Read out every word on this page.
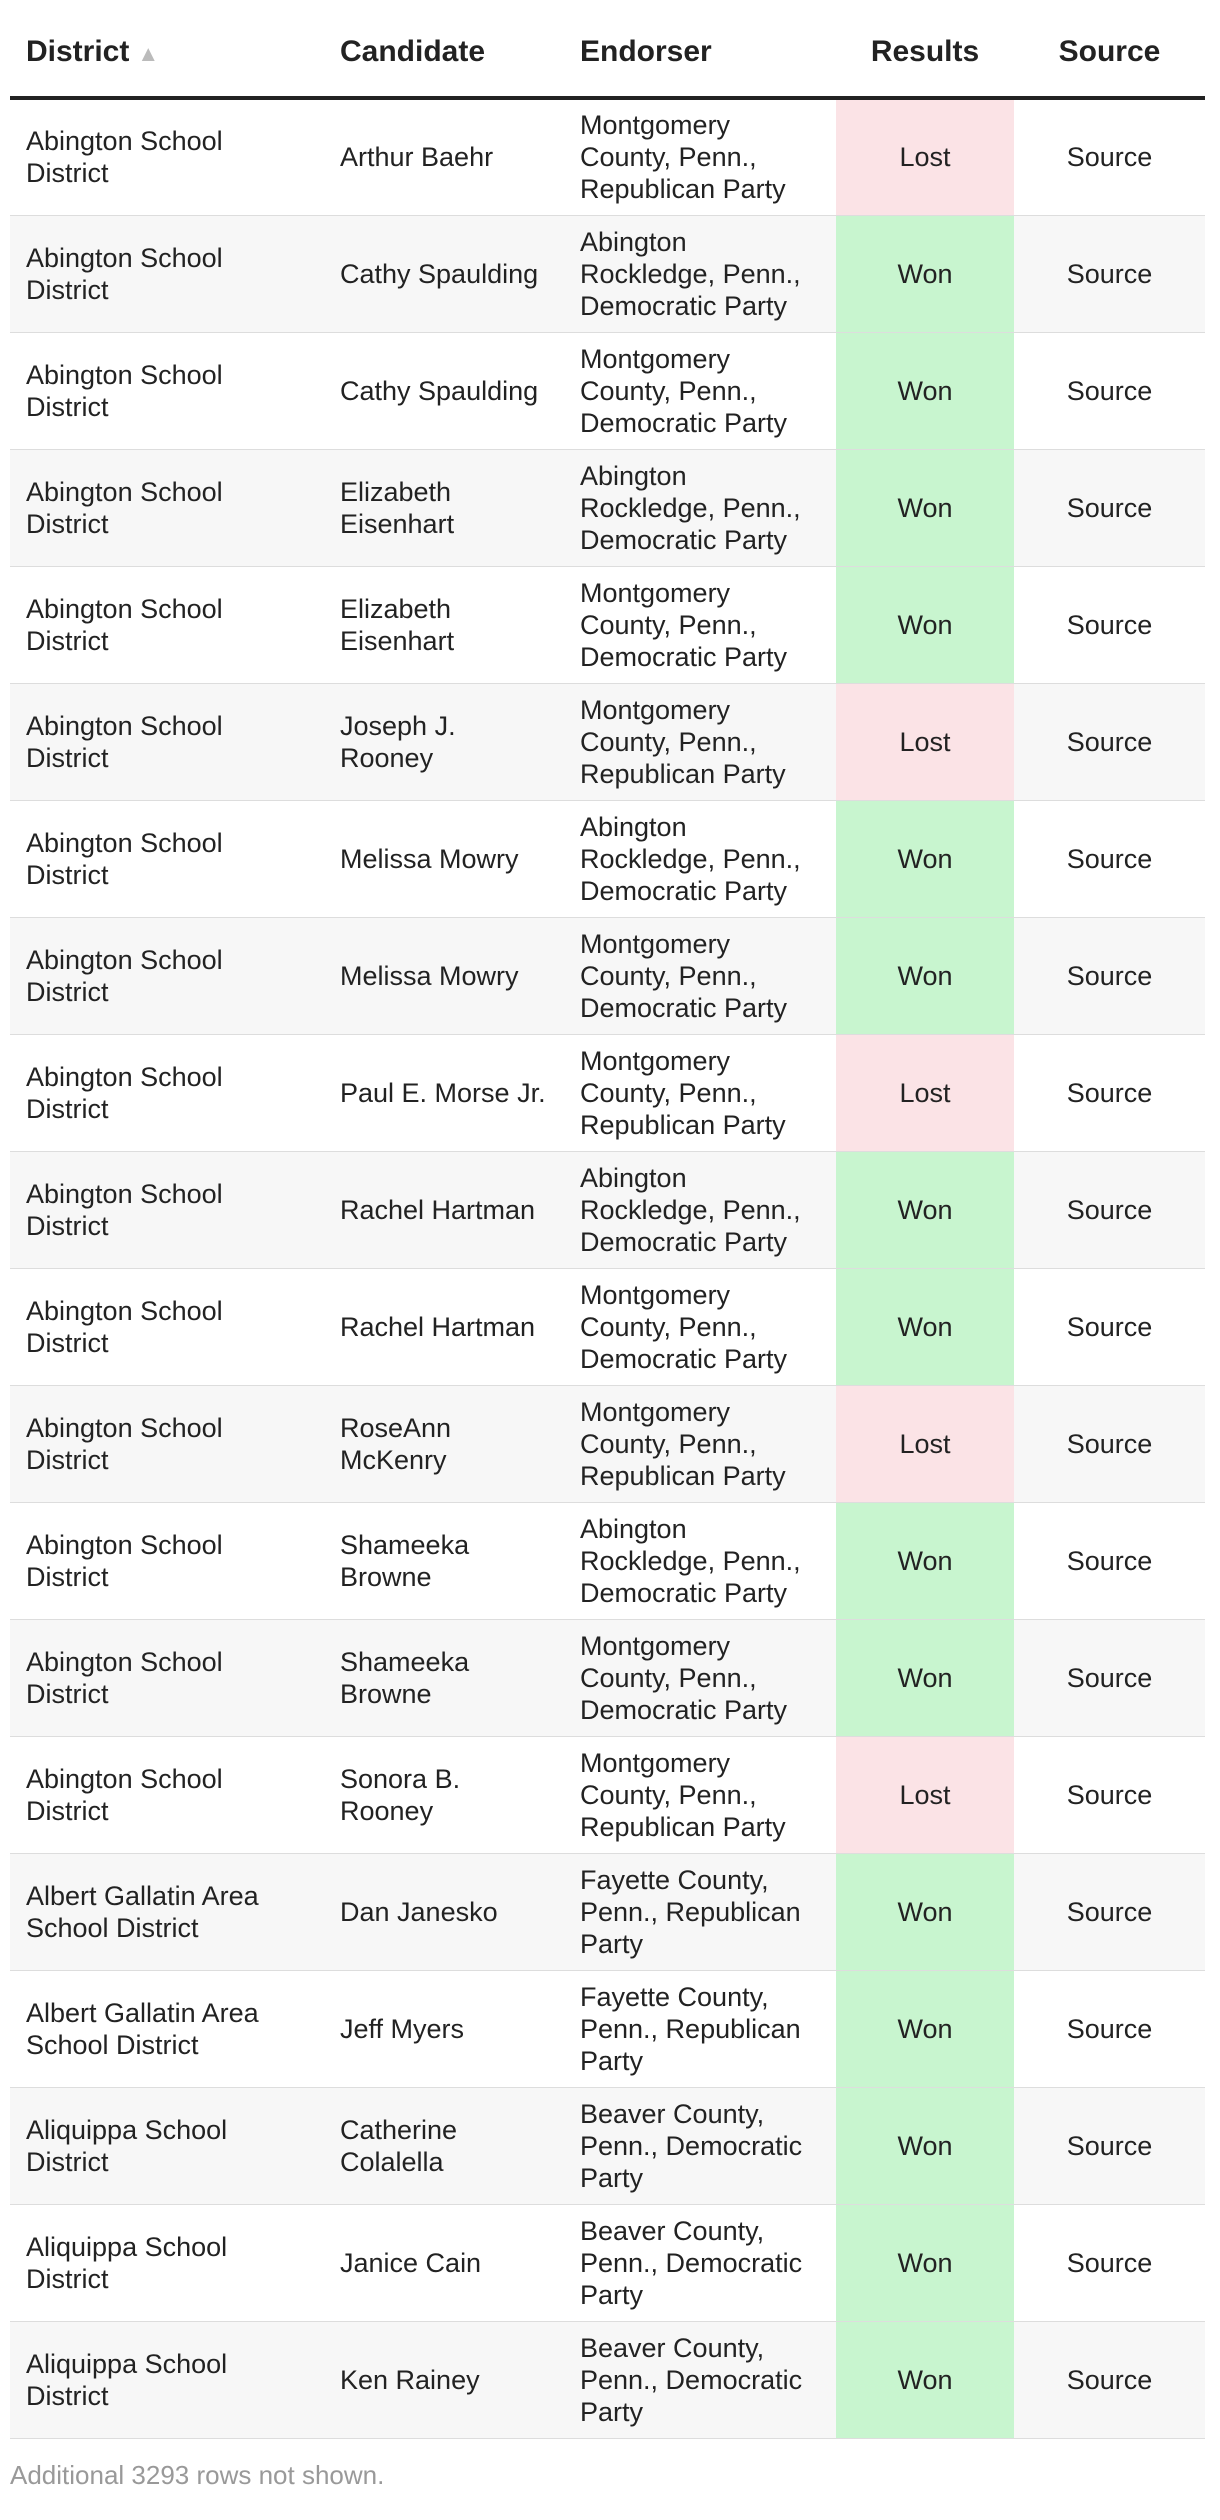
District ▲	Candidate	Endorser	Results	Source
Abington School District	Arthur Baehr	Montgomery County, Penn., Republican Party	Lost	Source
Abington School District	Cathy Spaulding	Abington Rockledge, Penn., Democratic Party	Won	Source
Abington School District	Cathy Spaulding	Montgomery County, Penn., Democratic Party	Won	Source
Abington School District	Elizabeth Eisenhart	Abington Rockledge, Penn., Democratic Party	Won	Source
Abington School District	Elizabeth Eisenhart	Montgomery County, Penn., Democratic Party	Won	Source
Abington School District	Joseph J. Rooney	Montgomery County, Penn., Republican Party	Lost	Source
Abington School District	Melissa Mowry	Abington Rockledge, Penn., Democratic Party	Won	Source
Abington School District	Melissa Mowry	Montgomery County, Penn., Democratic Party	Won	Source
Abington School District	Paul E. Morse Jr.	Montgomery County, Penn., Republican Party	Lost	Source
Abington School District	Rachel Hartman	Abington Rockledge, Penn., Democratic Party	Won	Source
Abington School District	Rachel Hartman	Montgomery County, Penn., Democratic Party	Won	Source
Abington School District	RoseAnn McKenry	Montgomery County, Penn., Republican Party	Lost	Source
Abington School District	Shameeka Browne	Abington Rockledge, Penn., Democratic Party	Won	Source
Abington School District	Shameeka Browne	Montgomery County, Penn., Democratic Party	Won	Source
Abington School District	Sonora B. Rooney	Montgomery County, Penn., Republican Party	Lost	Source
Albert Gallatin Area School District	Dan Janesko	Fayette County, Penn., Republican Party	Won	Source
Albert Gallatin Area School District	Jeff Myers	Fayette County, Penn., Republican Party	Won	Source
Aliquippa School District	Catherine Colalella	Beaver County, Penn., Democratic Party	Won	Source
Aliquippa School District	Janice Cain	Beaver County, Penn., Democratic Party	Won	Source
Aliquippa School District	Ken Rainey	Beaver County, Penn., Democratic Party	Won	Source
Additional 3293 rows not shown.
